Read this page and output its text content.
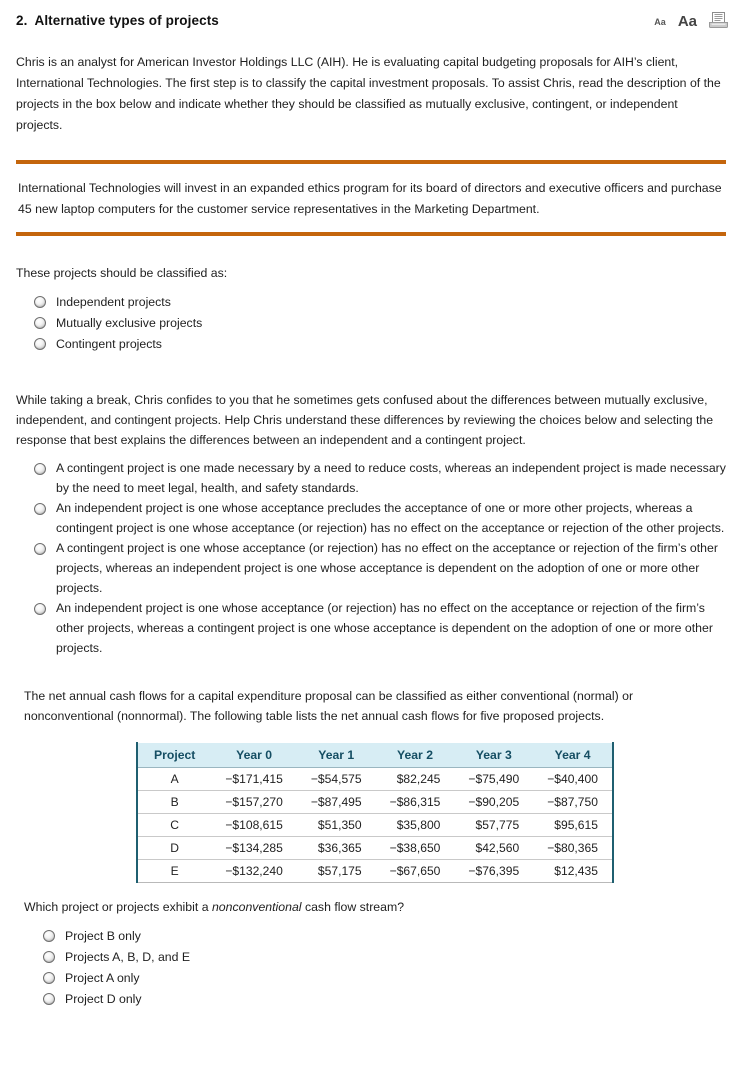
2. Alternative types of projects	Aa Aa
Chris is an analyst for American Investor Holdings LLC (AIH). He is evaluating capital budgeting proposals for AIH’s client, International Technologies. The first step is to classify the capital investment proposals. To assist Chris, read the description of the projects in the box below and indicate whether they should be classified as mutually exclusive, contingent, or independent projects.

International Technologies will invest in an expanded ethics program for its board of directors and executive officers and purchase 45 new laptop computers for the customer service representatives in the Marketing Department.

These projects should be classified as:
Independent projects
Mutually exclusive projects
Contingent projects
While taking a break, Chris confides to you that he sometimes gets confused about the differences between mutually exclusive, independent, and contingent projects. Help Chris understand these differences by reviewing the choices below and selecting the response that best explains the differences between an independent and a contingent project.
A contingent project is one made necessary by a need to reduce costs, whereas an independent project is made necessary by the need to meet legal, health, and safety standards.
An independent project is one whose acceptance precludes the acceptance of one or more other projects, whereas a contingent project is one whose acceptance (or rejection) has no effect on the acceptance or rejection of the other projects.
A contingent project is one whose acceptance (or rejection) has no effect on the acceptance or rejection of the firm’s other projects, whereas an independent project is one whose acceptance is dependent on the adoption of one or more other projects.
An independent project is one whose acceptance (or rejection) has no effect on the acceptance or rejection of the firm’s other projects, whereas a contingent project is one whose acceptance is dependent on the adoption of one or more other projects.
The net annual cash flows for a capital expenditure proposal can be classified as either conventional (normal) or nonconventional (nonnormal). The following table lists the net annual cash flows for five proposed projects.
Project	Year 0	Year 1	Year 2	Year 3	Year 4
A	−$171,415	−$54,575	$82,245	−$75,490	−$40,400
B	−$157,270	−$87,495	−$86,315	−$90,205	−$87,750
C	−$108,615	$51,350	$35,800	$57,775	$95,615
D	−$134,285	$36,365	−$38,650	$42,560	−$80,365
E	−$132,240	$57,175	−$67,650	−$76,395	$12,435
Which project or projects exhibit a nonconventional cash flow stream?
Project B only
Projects A, B, D, and E
Project A only
Project D only
